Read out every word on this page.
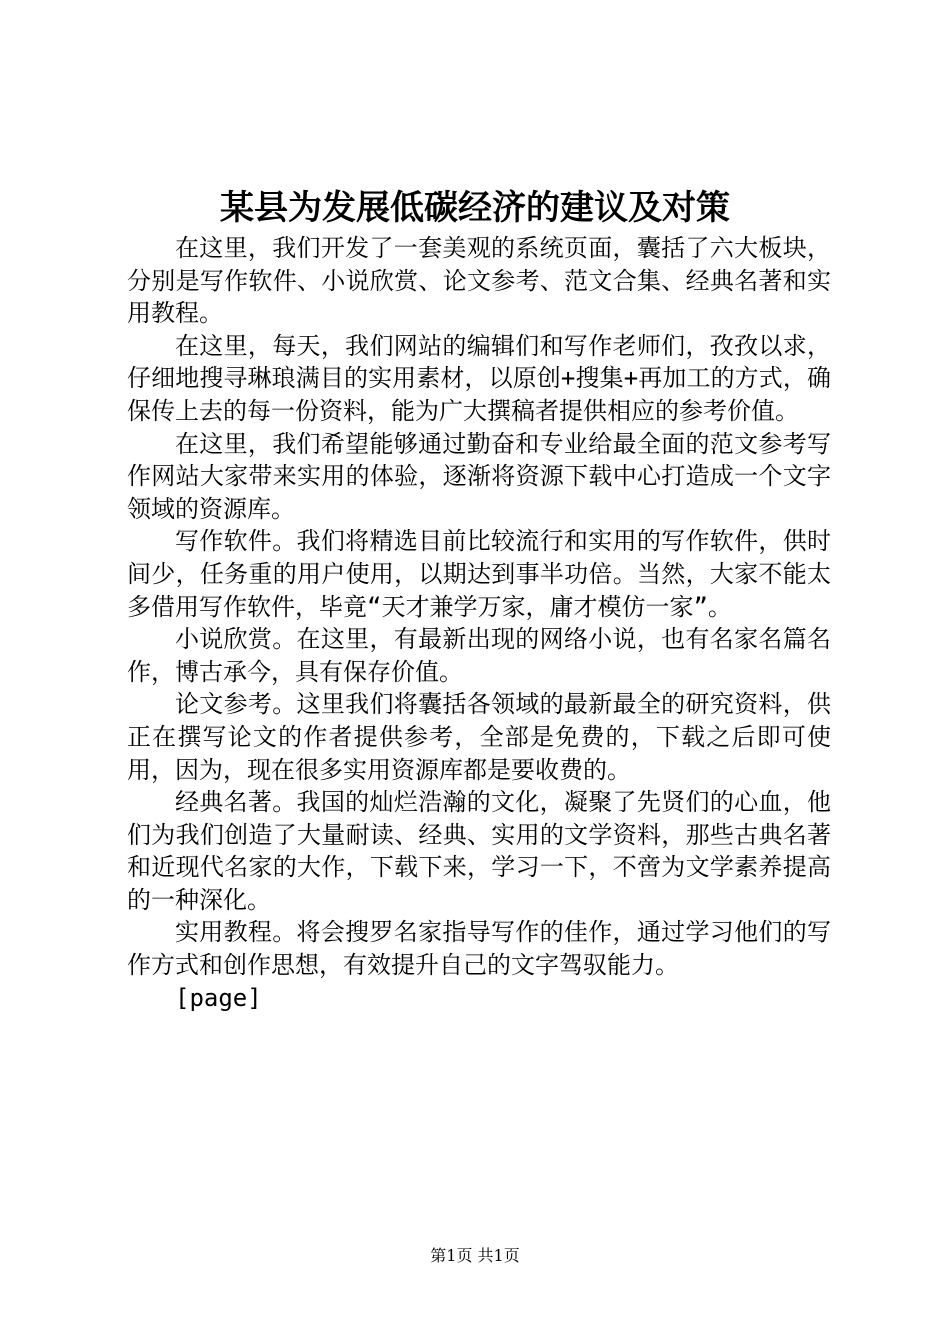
某县为发展低碳经济的建议及对策

在这里，我们开发了一套美观的系统页面，囊括了六大板块，分别是写作软件、小说欣赏、论文参考、范文合集、经典名著和实用教程。

在这里，每天，我们网站的编辑们和写作老师们，孜孜以求，仔细地搜寻琳琅满目的实用素材，以原创+搜集+再加工的方式，确保传上去的每一份资料，能为广大撰稿者提供相应的参考价值。

在这里，我们希望能够通过勤奋和专业给最全面的范文参考写作网站大家带来实用的体验，逐渐将资源下载中心打造成一个文字领域的资源库。

写作软件。我们将精选目前比较流行和实用的写作软件，供时间少，任务重的用户使用，以期达到事半功倍。当然，大家不能太多借用写作软件，毕竟“天才兼学万家，庸才模仿一家”。

小说欣赏。在这里，有最新出现的网络小说，也有名家名篇名作，博古承今，具有保存价值。

论文参考。这里我们将囊括各领域的最新最全的研究资料，供正在撰写论文的作者提供参考，全部是免费的，下载之后即可使用，因为，现在很多实用资源库都是要收费的。

经典名著。我国的灿烂浩瀚的文化，凝聚了先贤们的心血，他们为我们创造了大量耐读、经典、实用的文学资料，那些古典名著和近现代名家的大作，下载下来，学习一下，不啻为文学素养提高的一种深化。

实用教程。将会搜罗名家指导写作的佳作，通过学习他们的写作方式和创作思想，有效提升自己的文字驾驭能力。

[page]

第1页 共1页
